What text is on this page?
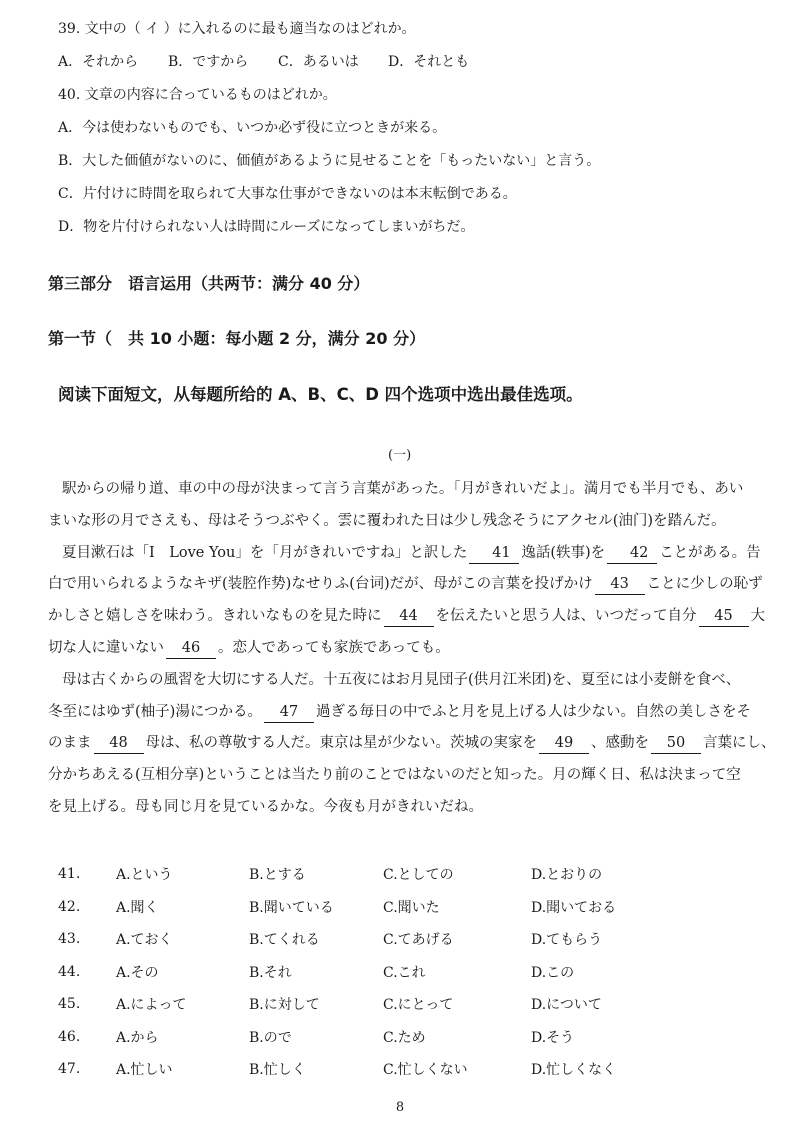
39. 文中の（ イ ）に入れるのに最も適当なのはどれか。
A．それから B．ですから C．あるいは D．それとも
40. 文章の内容に合っているものはどれか。
A．今は使わないものでも、いつか必ず役に立つときが来る。
B．大した価値がないのに、価値があるように見せることを「もったいない」と言う。
C．片付けに時間を取られて大事な仕事ができないのは本末転倒である。
D．物を片付けられない人は時間にルーズになってしまいがちだ。
第三部分　语言运用（共两节：满分 40 分）
第一节（　共 10 小题：每小题 2 分，满分 20 分）
阅读下面短文，从每题所给的 A、B、C、D 四个选项中选出最佳选项。
(一)
駅からの帰り道、車の中の母が決まって言う言葉があった。「月がきれいだよ」。満月でも半月でも、あい
まいな形の月でさえも、母はそうつぶやく。雲に覆われた日は少し残念そうにアクセル(油门)を踏んだ。
夏目漱石は「I　Love You」を「月がきれいですね」と訳した 41 逸話(轶事)を 42 ことがある。告
白で用いられるようなキザ(装腔作势)なせりふ(台词)だが、母がこの言葉を投げかけ 43 ことに少しの恥ず
かしさと嬉しさを味わう。きれいなものを見た時に 44 を伝えたいと思う人は、いつだって自分 45 大
切な人に違いない 46 。恋人であっても家族であっても。
母は古くからの風習を大切にする人だ。十五夜にはお月見団子(供月江米团)を、夏至には小麦餅を食べ、
冬至にはゆず(柚子)湯につかる。 47 過ぎる毎日の中でふと月を見上げる人は少ない。自然の美しさをそ
のまま 48 母は、私の尊敬する人だ。東京は星が少ない。茨城の実家を 49 、感動を 50 言葉にし、
分かちあえる(互相分享)ということは当たり前のことではないのだと知った。月の輝く日、私は決まって空
を見上げる。母も同じ月を見ているかな。今夜も月がきれいだね。
41.	A.という	B.とする	C.としての	D.とおりの
42.	A.聞く	B.聞いている	C.聞いた	D.聞いておる
43.	A.ておく	B.てくれる	C.てあげる	D.てもらう
44.	A.その	B.それ	C.これ	D.この
45.	A.によって	B.に対して	C.にとって	D.について
46.	A.から	B.ので	C.ため	D.そう
47.	A.忙しい	B.忙しく	C.忙しくない	D.忙しくなく
8
